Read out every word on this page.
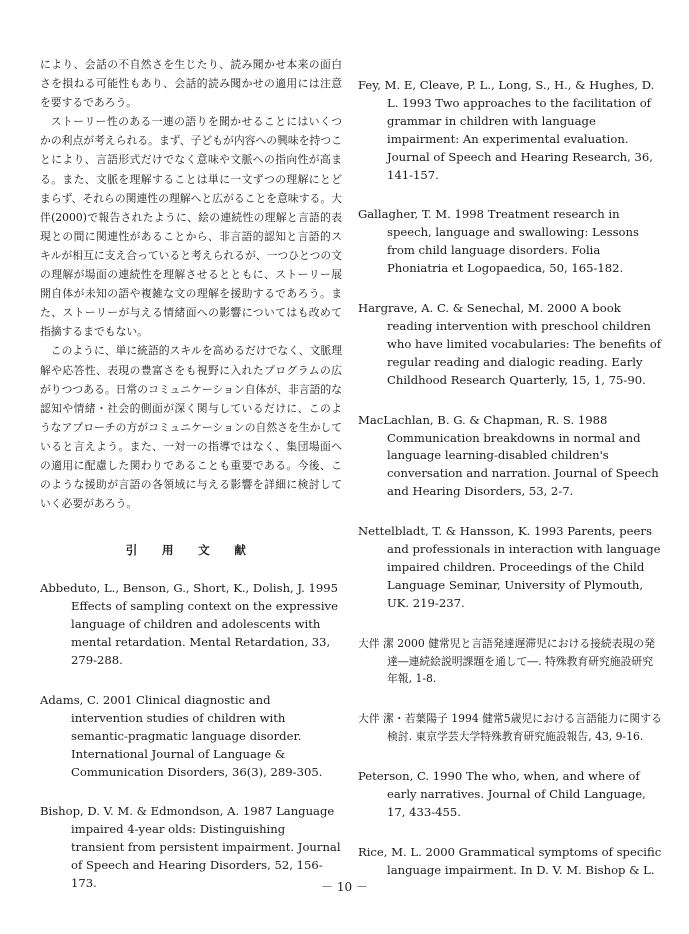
により、会話の不自然さを生じたり、読み聞かせ本来の面白さを損ねる可能性もあり、会話的読み聞かせの適用には注意を要するであろう。

ストーリー性のある一連の語りを聞かせることにはいくつかの利点が考えられる。まず、子どもが内容への興味を持つことにより、言語形式だけでなく意味や文脈への指向性が高まる。また、文脈を理解することは単に一文ずつの理解にとどまらず、それらの関連性の理解へと広がることを意味する。大伴(2000)で報告されたように、絵の連続性の理解と言語的表現との間に関連性があることから、非言語的認知と言語的スキルが相互に支え合っていると考えられるが、一つひとつの文の理解が場面の連続性を理解させるとともに、ストーリー展開自体が未知の語や複雑な文の理解を援助するであろう。また、ストーリーが与える情緒面への影響についてはも改めて指摘するまでもない。

このように、単に統語的スキルを高めるだけでなく、文脈理解や応答性、表現の豊富さをも視野に入れたプログラムの広がりつつある。日常のコミュニケーション自体が、非言語的な認知や情緒・社会的側面が深く関与しているだけに、このようなアプローチの方がコミュニケーションの自然さを生かしていると言えよう。また、一対一の指導ではなく、集団場面への適用に配慮した関わりであることも重要である。今後、このような援助が言語の各領域に与える影響を詳細に検討していく必要があろう。

引 用 文 献
Abbeduto, L., Benson, G., Short, K., Dolish, J. 1995 Effects of sampling context on the expressive language of children and adolescents with mental retardation. Mental Retardation, 33, 279-288.
Adams, C. 2001 Clinical diagnostic and intervention studies of children with semantic-pragmatic language disorder. International Journal of Language & Communication Disorders, 36(3), 289-305.
Bishop, D. V. M. & Edmondson, A. 1987 Language impaired 4-year olds: Distinguishing transient from persistent impairment. Journal of Speech and Hearing Disorders, 52, 156-173.
Fey, M. E, Cleave, P. L., Long, S., H., & Hughes, D. L. 1993 Two approaches to the facilitation of grammar in children with language impairment: An experimental evaluation. Journal of Speech and Hearing Research, 36, 141-157.
Gallagher, T. M. 1998 Treatment research in speech, language and swallowing: Lessons from child language disorders. Folia Phoniatria et Logopaedica, 50, 165-182.
Hargrave, A. C. & Senechal, M. 2000 A book reading intervention with preschool children who have limited vocabularies: The benefits of regular reading and dialogic reading. Early Childhood Research Quarterly, 15, 1, 75-90.
MacLachlan, B. G. & Chapman, R. S. 1988 Communication breakdowns in normal and language learning-disabled children's conversation and narration. Journal of Speech and Hearing Disorders, 53, 2-7.
Nettelbladt, T. & Hansson, K. 1993 Parents, peers and professionals in interaction with language impaired children. Proceedings of the Child Language Seminar, University of Plymouth, UK. 219-237.
大伴 潔 2000 健常児と言語発達遅滞児における接続表現の発達―連続絵説明課題を通して―. 特殊教育研究施設研究年報, 1-8.
大伴 潔・若葉陽子 1994 健常5歳児における言語能力に関する検討. 東京学芸大学特殊教育研究施設報告, 43, 9-16.
Peterson, C. 1990 The who, when, and where of early narratives. Journal of Child Language, 17, 433-455.
Rice, M. L. 2000 Grammatical symptoms of specific language impairment. In D. V. M. Bishop & L.
－ 10 －
